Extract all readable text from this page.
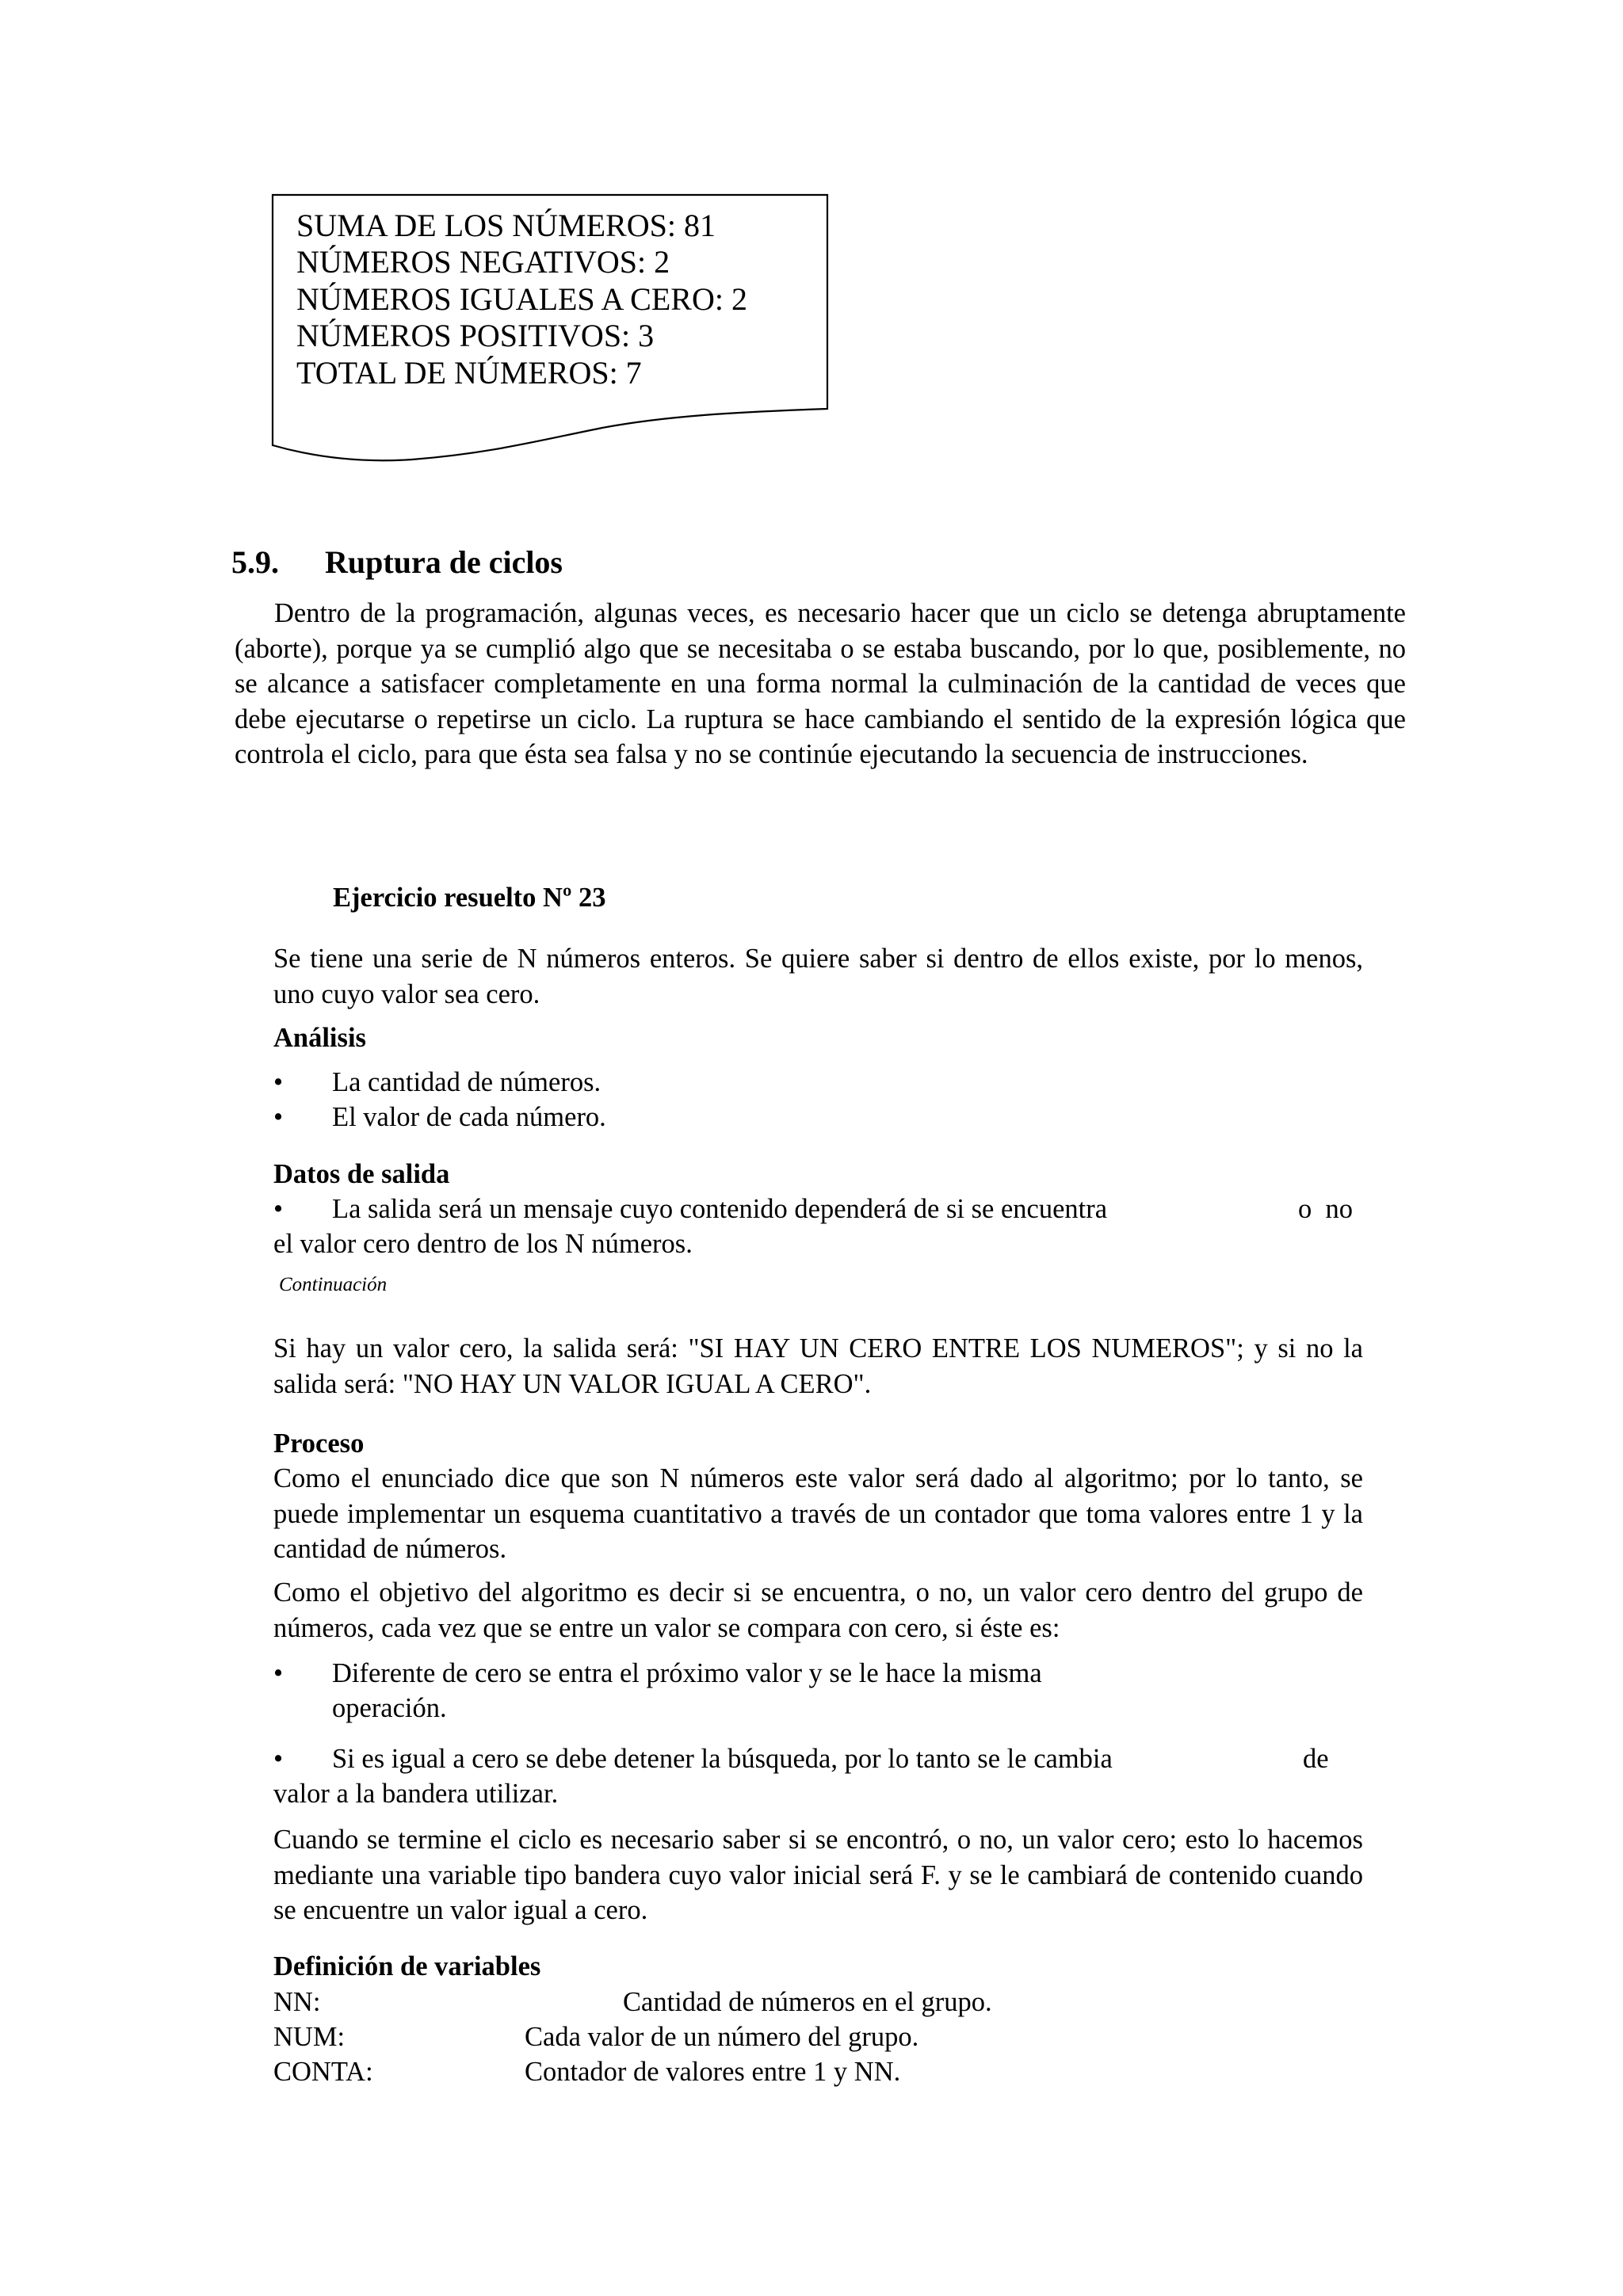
SUMA DE LOS NÚMEROS: 81
NÚMEROS NEGATIVOS: 2
NÚMEROS IGUALES A CERO: 2
NÚMEROS POSITIVOS: 3
TOTAL DE NÚMEROS: 7
5.9. Ruptura de ciclos
Dentro de la programación, algunas veces, es necesario hacer que un ciclo se detenga abruptamente (aborte), porque ya se cumplió algo que se necesitaba o se estaba buscando, por lo que, posiblemente, no se alcance a satisfacer completamente en una forma normal la culminación de la cantidad de veces que debe ejecutarse o repetirse un ciclo. La ruptura se hace cambiando el sentido de la expresión lógica que controla el ciclo, para que ésta sea falsa y no se continúe ejecutando la secuencia de instrucciones.
Ejercicio resuelto Nº 23
Se tiene una serie de N números enteros. Se quiere saber si dentro de ellos existe, por lo menos, uno cuyo valor sea cero.
Análisis
• La cantidad de números.
• El valor de cada número.
Datos de salida
• La salida será un mensaje cuyo contenido dependerá de si se encuentra	o  no
el valor cero dentro de los N números.
Continuación
Si hay un valor cero, la salida será: "SI HAY UN CERO ENTRE LOS NUMEROS"; y si no la salida será: "NO HAY UN VALOR IGUAL A CERO".
Proceso
Como el enunciado dice que son N números este valor será dado al algoritmo; por lo tanto, se puede implementar un esquema cuantitativo a través de un contador que toma valores entre 1 y la cantidad de números.
Como el objetivo del algoritmo es decir si se encuentra, o no, un valor cero dentro del grupo de números, cada vez que se entre un valor se compara con cero, si éste es:
• Diferente de cero se entra el próximo valor y se le hace la misma
operación.
• Si es igual a cero se debe detener la búsqueda, por lo tanto se le cambia	de
valor a la bandera utilizar.
Cuando se termine el ciclo es necesario saber si se encontró, o no, un valor cero; esto lo hacemos mediante una variable tipo bandera cuyo valor inicial será F. y se le cambiará de contenido cuando se encuentre un valor igual a cero.
Definición de variables
NN:	Cantidad de números en el grupo.
NUM:	Cada valor de un número del grupo.
CONTA:	Contador de valores entre 1 y NN.
